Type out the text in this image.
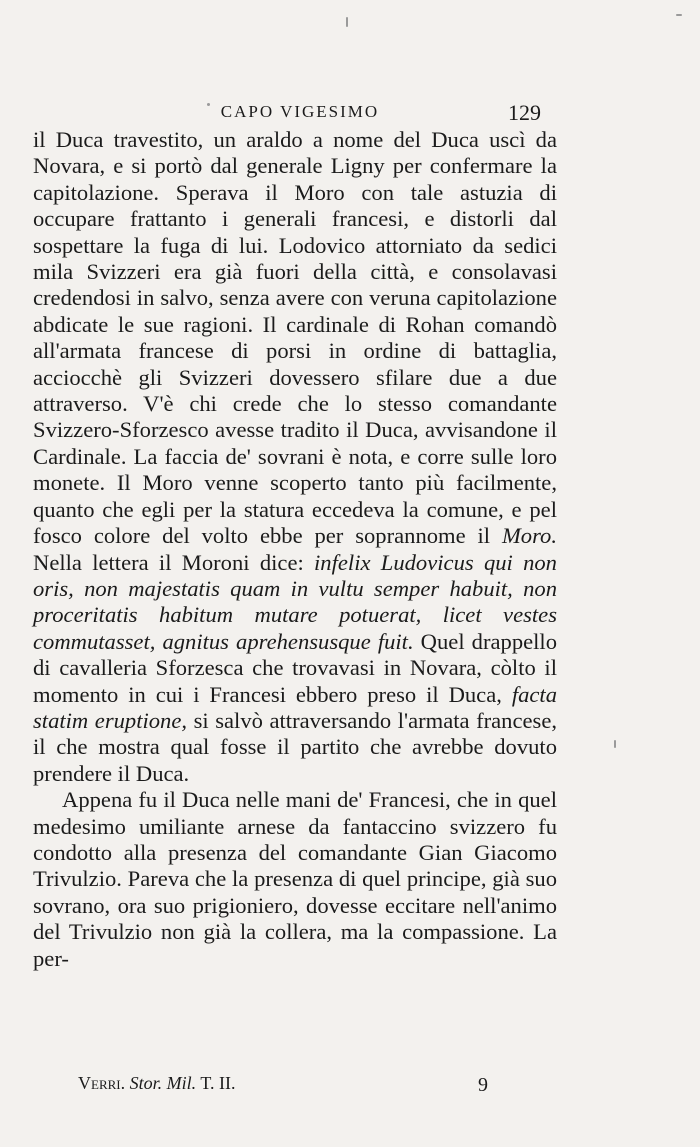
CAPO VIGESIMO	129

il Duca travestito, un araldo a nome del Duca uscì da Novara, e si portò dal generale Ligny per confermare la capitolazione. Sperava il Moro con tale astuzia di occupare frattanto i generali francesi, e distorli dal sospettare la fuga di lui. Lodovico attorniato da sedici mila Svizzeri era già fuori della città, e consolavasi credendosi in salvo, senza avere con veruna capitolazione abdicate le sue ragioni. Il cardinale di Rohan comandò all'armata francese di porsi in ordine di battaglia, acciocchè gli Svizzeri dovessero sfilare due a due attraverso. V'è chi crede che lo stesso comandante Svizzero-Sforzesco avesse tradito il Duca, avvisandone il Cardinale. La faccia de' sovrani è nota, e corre sulle loro monete. Il Moro venne scoperto tanto più facilmente, quanto che egli per la statura eccedeva la comune, e pel fosco colore del volto ebbe per soprannome il Moro. Nella lettera il Moroni dice: infelix Ludovicus qui non oris, non majestatis quam in vultu semper habuit, non proceritatis habitum mutare potuerat, licet vestes commutasset, agnitus aprehensusque fuit. Quel drappello di cavalleria Sforzesca che trovavasi in Novara, còlto il momento in cui i Francesi ebbero preso il Duca, facta statim eruptione, si salvò attraversando l'armata francese, il che mostra qual fosse il partito che avrebbe dovuto prendere il Duca.

Appena fu il Duca nelle mani de' Francesi, che in quel medesimo umiliante arnese da fantaccino svizzero fu condotto alla presenza del comandante Gian Giacomo Trivulzio. Pareva che la presenza di quel principe, già suo sovrano, ora suo prigioniero, dovesse eccitare nell'animo del Trivulzio non già la collera, ma la compassione. La per-

Verri. Stor. Mil. T. II.	9
